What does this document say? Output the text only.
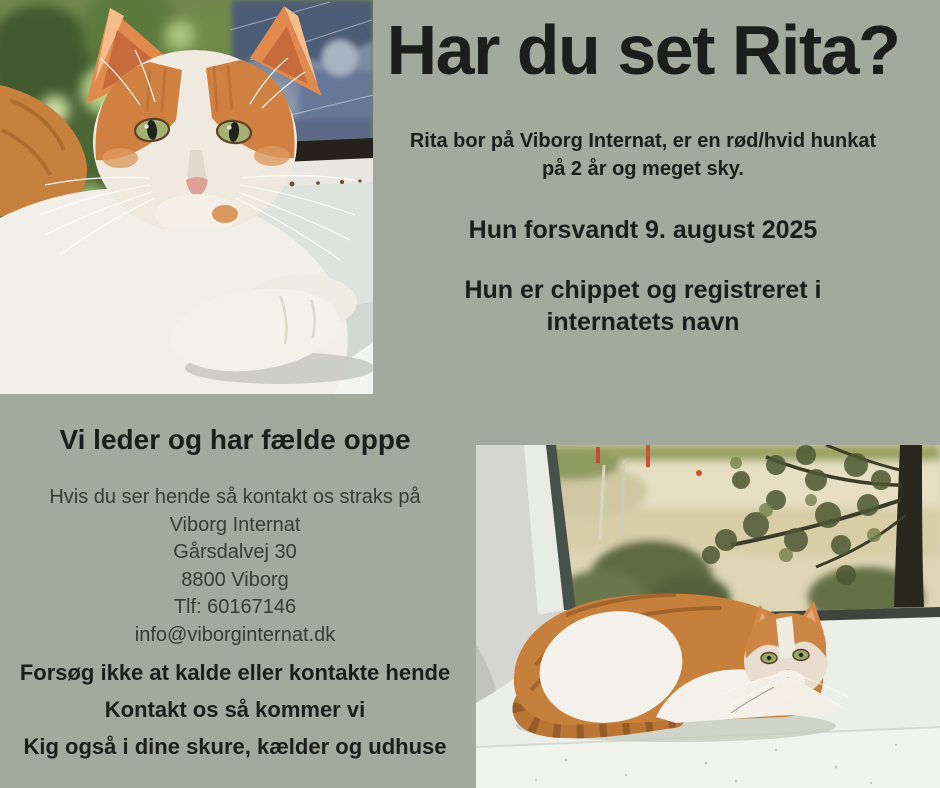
Har du set Rita?
Rita bor på Viborg Internat, er en rød/hvid hunkat
på 2 år og meget sky.
Hun forsvandt 9. august 2025
Hun er chippet og registreret i
internatets navn
Vi leder og har fælde oppe
Hvis du ser hende så kontakt os straks på
Viborg Internat
Gårsdalvej 30
8800 Viborg
Tlf: 60167146
info@viborginternat.dk
Forsøg ikke at kalde eller kontakte hende
Kontakt os så kommer vi
Kig også i dine skure, kælder og udhuse
